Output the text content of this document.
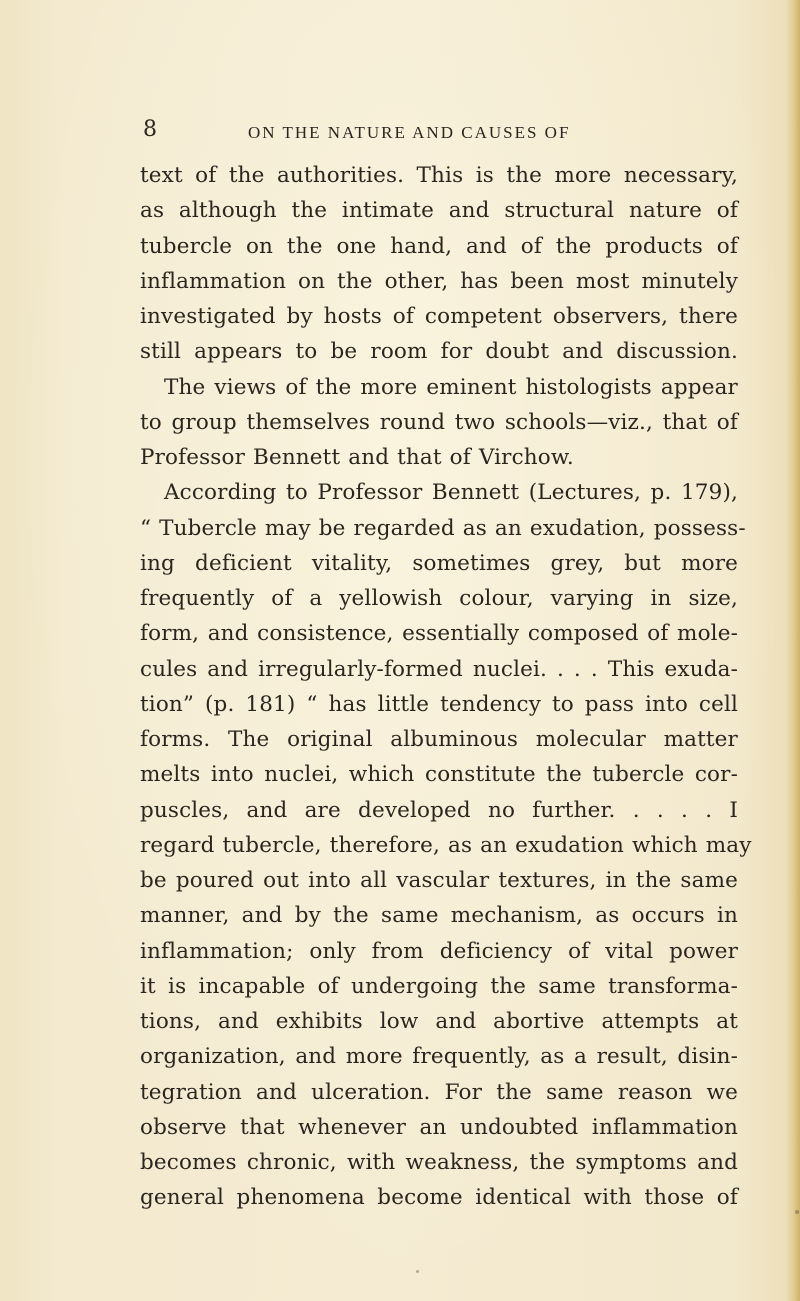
8	ON THE NATURE AND CAUSES OF
text of the authorities. This is the more necessary,
as although the intimate and structural nature of
tubercle on the one hand, and of the products of
inflammation on the other, has been most minutely
investigated by hosts of competent observers, there
still appears to be room for doubt and discussion.
The views of the more eminent histologists appear
to group themselves round two schools—viz., that of
Professor Bennett and that of Virchow.
According to Professor Bennett (Lectures, p. 179),
“ Tubercle may be regarded as an exudation, possess-
ing deficient vitality, sometimes grey, but more
frequently of a yellowish colour, varying in size,
form, and consistence, essentially composed of mole-
cules and irregularly-formed nuclei. . . . This exuda-
tion” (p. 181) “ has little tendency to pass into cell
forms. The original albuminous molecular matter
melts into nuclei, which constitute the tubercle cor-
puscles, and are developed no further. . . . . I
regard tubercle, therefore, as an exudation which may
be poured out into all vascular textures, in the same
manner, and by the same mechanism, as occurs in
inflammation; only from deficiency of vital power
it is incapable of undergoing the same transforma-
tions, and exhibits low and abortive attempts at
organization, and more frequently, as a result, disin-
tegration and ulceration. For the same reason we
observe that whenever an undoubted inflammation
becomes chronic, with weakness, the symptoms and
general phenomena become identical with those of
